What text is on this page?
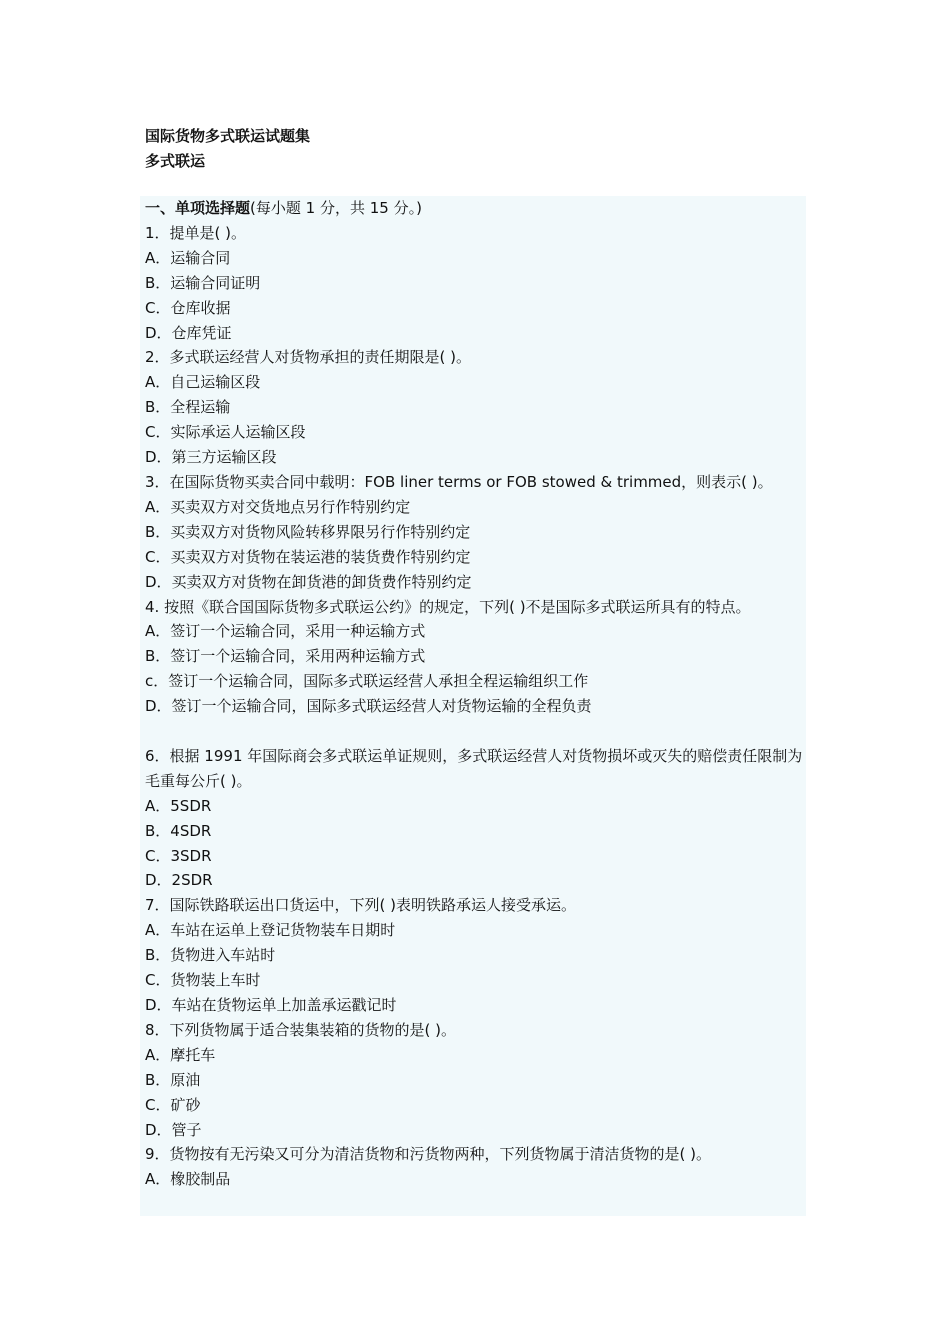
国际货物多式联运试题集
多式联运

一、单项选择题(每小题 1 分，共 15 分。)

1．提单是( )。

A．运输合同

B．运输合同证明

C．仓库收据

D．仓库凭证

2．多式联运经营人对货物承担的责任期限是( )。

A．自己运输区段

B．全程运输

C．实际承运人运输区段

D．第三方运输区段

3．在国际货物买卖合同中载明：FOB liner terms or FOB stowed & trimmed，则表示( )。

A．买卖双方对交货地点另行作特别约定

B．买卖双方对货物风险转移界限另行作特别约定

C．买卖双方对货物在装运港的装货费作特别约定

D．买卖双方对货物在卸货港的卸货费作特别约定

4. 按照《联合国国际货物多式联运公约》的规定，下列( )不是国际多式联运所具有的特点。

A．签订一个运输合同，采用一种运输方式

B．签订一个运输合同，采用两种运输方式

c．签订一个运输合同，国际多式联运经营人承担全程运输组织工作

D．签订一个运输合同，国际多式联运经营人对货物运输的全程负责

6．根据 1991 年国际商会多式联运单证规则，多式联运经营人对货物损坏或灭失的赔偿责任限制为毛重每公斤( )。

A．5SDR

B．4SDR

C．3SDR

D．2SDR

7．国际铁路联运出口货运中，下列( )表明铁路承运人接受承运。

A．车站在运单上登记货物装车日期时

B．货物进入车站时

C．货物装上车时

D．车站在货物运单上加盖承运戳记时

8．下列货物属于适合装集装箱的货物的是( )。

A．摩托车

B．原油

C．矿砂

D．管子

9．货物按有无污染又可分为清洁货物和污货物两种，下列货物属于清洁货物的是( )。

A．橡胶制品
